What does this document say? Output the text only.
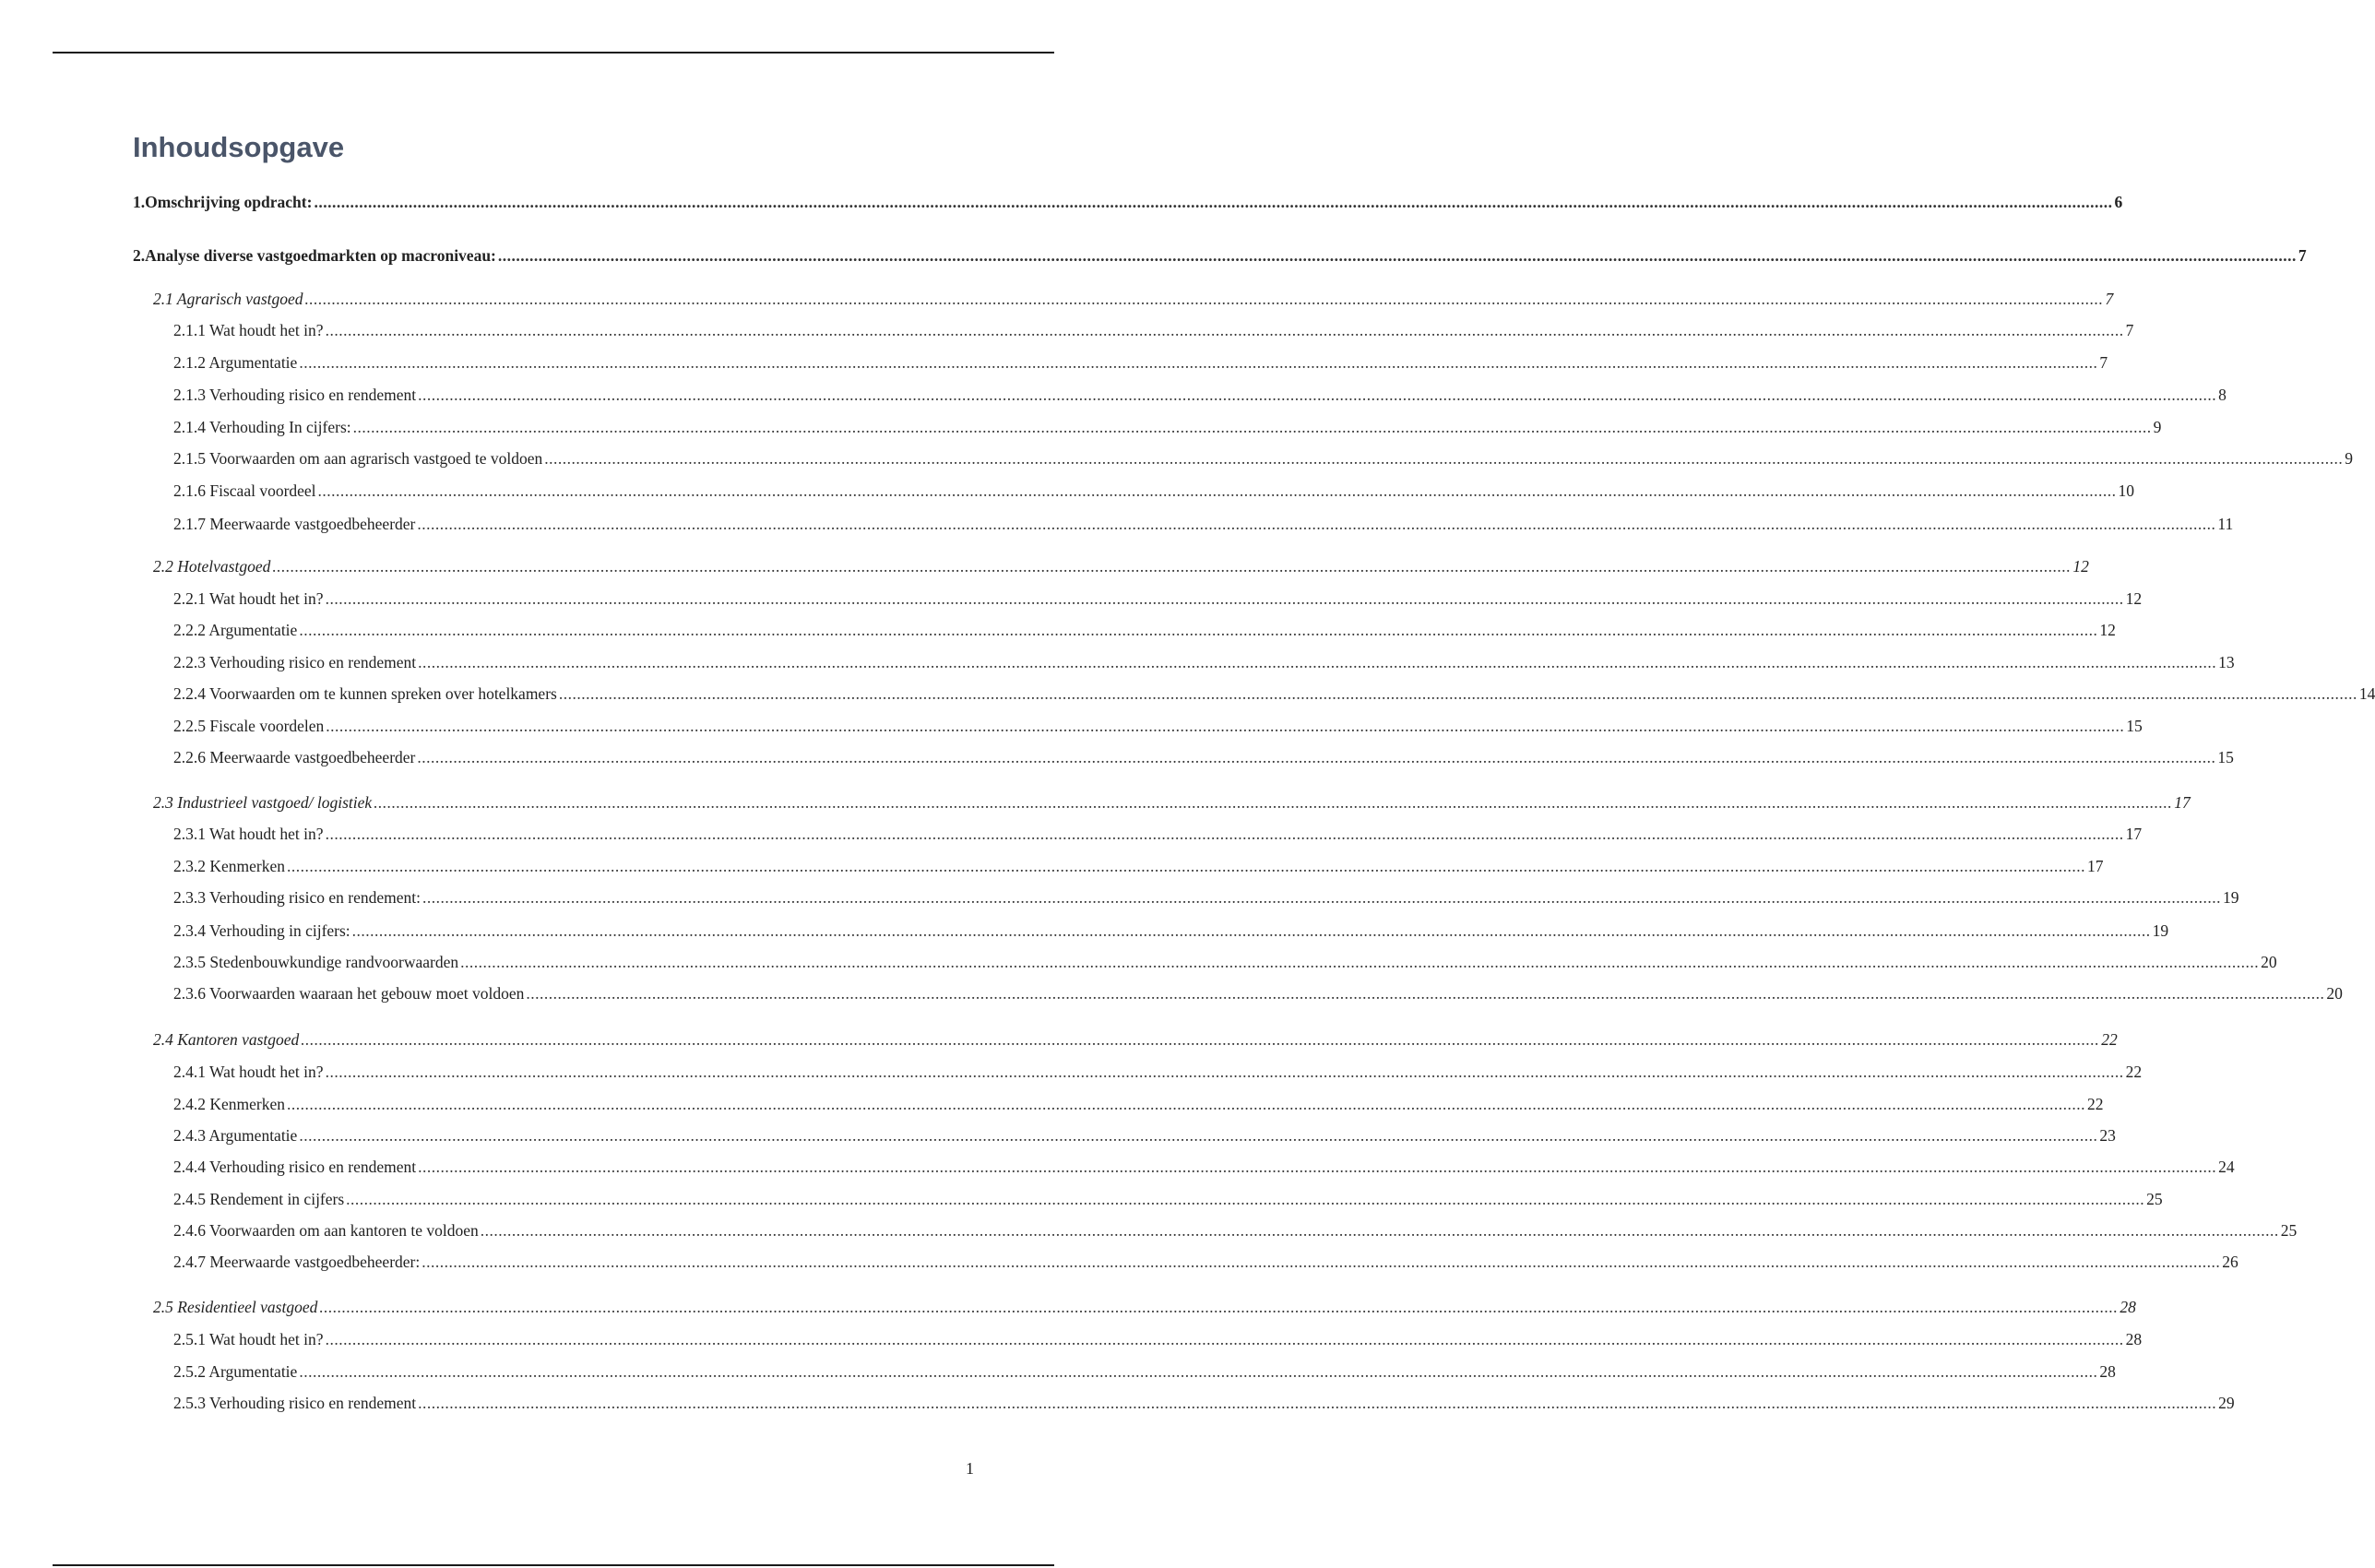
Inhoudsopgave
1.Omschrijving opdracht: ................................................................................................................................................................................................................................................................................................................................................................................................................ 6
2.Analyse diverse vastgoedmarkten op macroniveau: ................................................................................................................................................................................................................................................................................................................................................................................................................ 7
2.1 Agrarisch vastgoed ................................................................................................................................................................................................................................................................................................................................................................................................................ 7
2.1.1 Wat houdt het in? ................................................................................................................................................................................................................................................................................................................................................................................................................ 7
2.1.2 Argumentatie ................................................................................................................................................................................................................................................................................................................................................................................................................ 7
2.1.3 Verhouding risico en rendement ................................................................................................................................................................................................................................................................................................................................................................................................................ 8
2.1.4 Verhouding In cijfers: ................................................................................................................................................................................................................................................................................................................................................................................................................ 9
2.1.5 Voorwaarden om aan agrarisch vastgoed te voldoen ................................................................................................................................................................................................................................................................................................................................................................................................................ 9
2.1.6 Fiscaal voordeel ................................................................................................................................................................................................................................................................................................................................................................................................................ 10
2.1.7 Meerwaarde vastgoedbeheerder ................................................................................................................................................................................................................................................................................................................................................................................................................ 11
2.2 Hotelvastgoed ................................................................................................................................................................................................................................................................................................................................................................................................................ 12
2.2.1 Wat houdt het in? ................................................................................................................................................................................................................................................................................................................................................................................................................ 12
2.2.2 Argumentatie ................................................................................................................................................................................................................................................................................................................................................................................................................ 12
2.2.3 Verhouding risico en rendement ................................................................................................................................................................................................................................................................................................................................................................................................................ 13
2.2.4 Voorwaarden om te kunnen spreken over hotelkamers ................................................................................................................................................................................................................................................................................................................................................................................................................ 14
2.2.5 Fiscale voordelen ................................................................................................................................................................................................................................................................................................................................................................................................................ 15
2.2.6 Meerwaarde vastgoedbeheerder ................................................................................................................................................................................................................................................................................................................................................................................................................ 15
2.3 Industrieel vastgoed/ logistiek ................................................................................................................................................................................................................................................................................................................................................................................................................ 17
2.3.1 Wat houdt het in? ................................................................................................................................................................................................................................................................................................................................................................................................................ 17
2.3.2 Kenmerken ................................................................................................................................................................................................................................................................................................................................................................................................................ 17
2.3.3 Verhouding risico en rendement: ................................................................................................................................................................................................................................................................................................................................................................................................................ 19
2.3.4 Verhouding in cijfers: ................................................................................................................................................................................................................................................................................................................................................................................................................ 19
2.3.5 Stedenbouwkundige randvoorwaarden ................................................................................................................................................................................................................................................................................................................................................................................................................ 20
2.3.6 Voorwaarden waaraan het gebouw moet voldoen ................................................................................................................................................................................................................................................................................................................................................................................................................ 20
2.4 Kantoren vastgoed ................................................................................................................................................................................................................................................................................................................................................................................................................ 22
2.4.1 Wat houdt het in? ................................................................................................................................................................................................................................................................................................................................................................................................................ 22
2.4.2 Kenmerken ................................................................................................................................................................................................................................................................................................................................................................................................................ 22
2.4.3 Argumentatie ................................................................................................................................................................................................................................................................................................................................................................................................................ 23
2.4.4 Verhouding risico en rendement ................................................................................................................................................................................................................................................................................................................................................................................................................ 24
2.4.5 Rendement in cijfers ................................................................................................................................................................................................................................................................................................................................................................................................................ 25
2.4.6 Voorwaarden om aan kantoren te voldoen ................................................................................................................................................................................................................................................................................................................................................................................................................ 25
2.4.7 Meerwaarde vastgoedbeheerder: ................................................................................................................................................................................................................................................................................................................................................................................................................ 26
2.5 Residentieel vastgoed ................................................................................................................................................................................................................................................................................................................................................................................................................ 28
2.5.1 Wat houdt het in? ................................................................................................................................................................................................................................................................................................................................................................................................................ 28
2.5.2 Argumentatie ................................................................................................................................................................................................................................................................................................................................................................................................................ 28
2.5.3 Verhouding risico en rendement ................................................................................................................................................................................................................................................................................................................................................................................................................ 29
1
